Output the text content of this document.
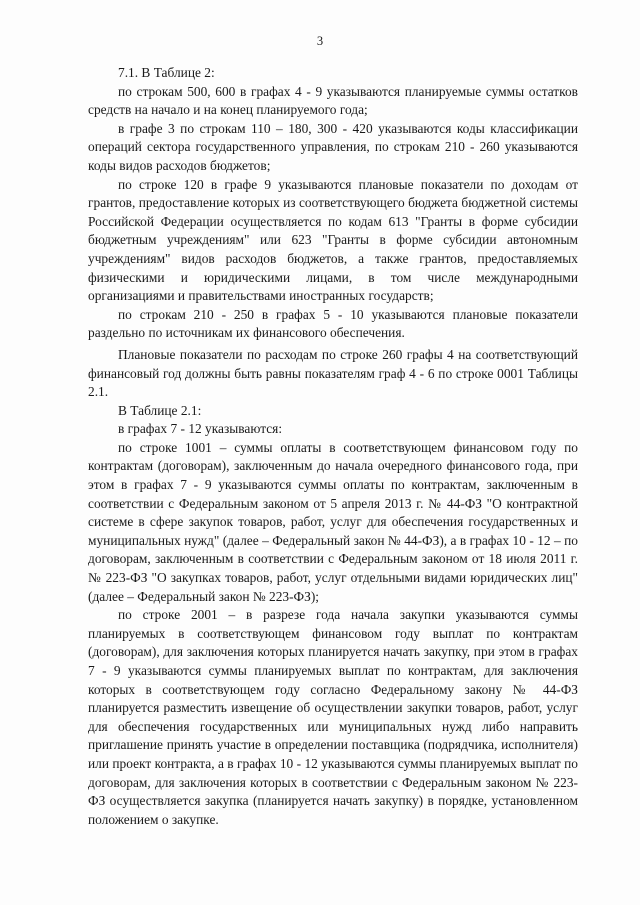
3

7.1. В Таблице 2:

по строкам 500, 600 в графах 4 - 9 указываются планируемые суммы остатков средств на начало и на конец планируемого года;

в графе 3 по строкам 110 – 180, 300 - 420 указываются коды классификации операций сектора государственного управления, по строкам 210 - 260 указываются коды видов расходов бюджетов;

по строке 120 в графе 9 указываются плановые показатели по доходам от грантов, предоставление которых из соответствующего бюджета бюджетной системы Российской Федерации осуществляется по кодам 613 "Гранты в форме субсидии бюджетным учреждениям" или 623 "Гранты в форме субсидии автономным учреждениям" видов расходов бюджетов, а также грантов, предоставляемых физическими и юридическими лицами, в том числе международными организациями и правительствами иностранных государств;

по строкам 210 - 250 в графах 5 - 10 указываются плановые показатели раздельно по источникам их финансового обеспечения.

Плановые показатели по расходам по строке 260 графы 4 на соответствующий финансовый год должны быть равны показателям граф 4 - 6 по строке 0001 Таблицы 2.1.

В Таблице 2.1:

в графах 7 - 12 указываются:

по строке 1001 – суммы оплаты в соответствующем финансовом году по контрактам (договорам), заключенным до начала очередного финансового года, при этом в графах 7 - 9 указываются суммы оплаты по контрактам, заключенным в соответствии с Федеральным законом от 5 апреля 2013 г. № 44-ФЗ "О контрактной системе в сфере закупок товаров, работ, услуг для обеспечения государственных и муниципальных нужд" (далее – Федеральный закон № 44-ФЗ), а в графах 10 - 12 – по договорам, заключенным в соответствии с Федеральным законом от 18 июля 2011 г. № 223-ФЗ "О закупках товаров, работ, услуг отдельными видами юридических лиц" (далее – Федеральный закон № 223-ФЗ);

по строке 2001 – в разрезе года начала закупки указываются суммы планируемых в соответствующем финансовом году выплат по контрактам (договорам), для заключения которых планируется начать закупку, при этом в графах 7 - 9 указываются суммы планируемых выплат по контрактам, для заключения которых в соответствующем году согласно Федеральному закону № 44-ФЗ планируется разместить извещение об осуществлении закупки товаров, работ, услуг для обеспечения государственных или муниципальных нужд либо направить приглашение принять участие в определении поставщика (подрядчика, исполнителя) или проект контракта, а в графах 10 - 12 указываются суммы планируемых выплат по договорам, для заключения которых в соответствии с Федеральным законом № 223-ФЗ осуществляется закупка (планируется начать закупку) в порядке, установленном положением о закупке.
